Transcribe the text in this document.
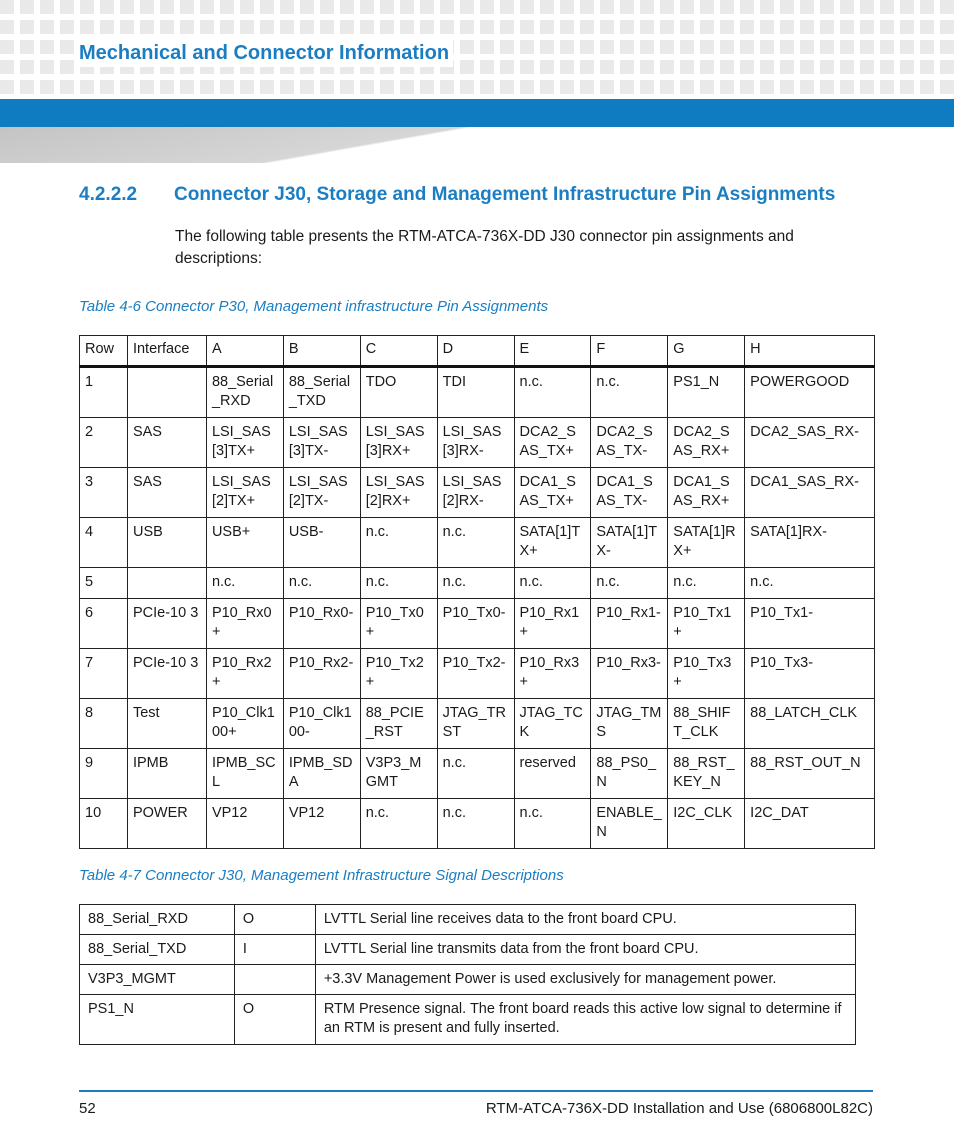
Mechanical and Connector Information
4.2.2.2 Connector J30, Storage and Management Infrastructure Pin Assignments
The following table presents the RTM-ATCA-736X-DD J30 connector pin assignments and descriptions:
Table 4-6 Connector P30, Management infrastructure Pin Assignments
Row	Interface	A	B	C	D	E	F	G	H
1		88_Serial_RXD	88_Serial_TXD	TDO	TDI	n.c.	n.c.	PS1_N	POWERGOOD
2	SAS	LSI_SAS[3]TX+	LSI_SAS[3]TX-	LSI_SAS[3]RX+	LSI_SAS[3]RX-	DCA2_SAS_TX+	DCA2_SAS_TX-	DCA2_SAS_RX+	DCA2_SAS_RX-
3	SAS	LSI_SAS[2]TX+	LSI_SAS[2]TX-	LSI_SAS[2]RX+	LSI_SAS[2]RX-	DCA1_SAS_TX+	DCA1_SAS_TX-	DCA1_SAS_RX+	DCA1_SAS_RX-
4	USB	USB+	USB-	n.c.	n.c.	SATA[1]TX+	SATA[1]TX-	SATA[1]RX+	SATA[1]RX-
5		n.c.	n.c.	n.c.	n.c.	n.c.	n.c.	n.c.	n.c.
6	PCIe-10 3	P10_Rx0+	P10_Rx0-	P10_Tx0+	P10_Tx0-	P10_Rx1+	P10_Rx1-	P10_Tx1+	P10_Tx1-
7	PCIe-10 3	P10_Rx2+	P10_Rx2-	P10_Tx2+	P10_Tx2-	P10_Rx3+	P10_Rx3-	P10_Tx3+	P10_Tx3-
8	Test	P10_Clk100+	P10_Clk100-	88_PCIE_RST	JTAG_TRST	JTAG_TCK	JTAG_TMS	88_SHIFT_CLK	88_LATCH_CLK
9	IPMB	IPMB_SCL	IPMB_SDA	V3P3_MGMT	n.c.	reserved	88_PS0_N	88_RST_KEY_N	88_RST_OUT_N
10	POWER	VP12	VP12	n.c.	n.c.	n.c.	ENABLE_N	I2C_CLK	I2C_DAT
Table 4-7 Connector J30, Management Infrastructure Signal Descriptions
88_Serial_RXD	O	LVTTL Serial line receives data to the front board CPU.
88_Serial_TXD	I	LVTTL Serial line transmits data from the front board CPU.
V3P3_MGMT		+3.3V Management Power is used exclusively for management power.
PS1_N	O	RTM Presence signal. The front board reads this active low signal to determine if an RTM is present and fully inserted.
52	RTM-ATCA-736X-DD Installation and Use (6806800L82C)
